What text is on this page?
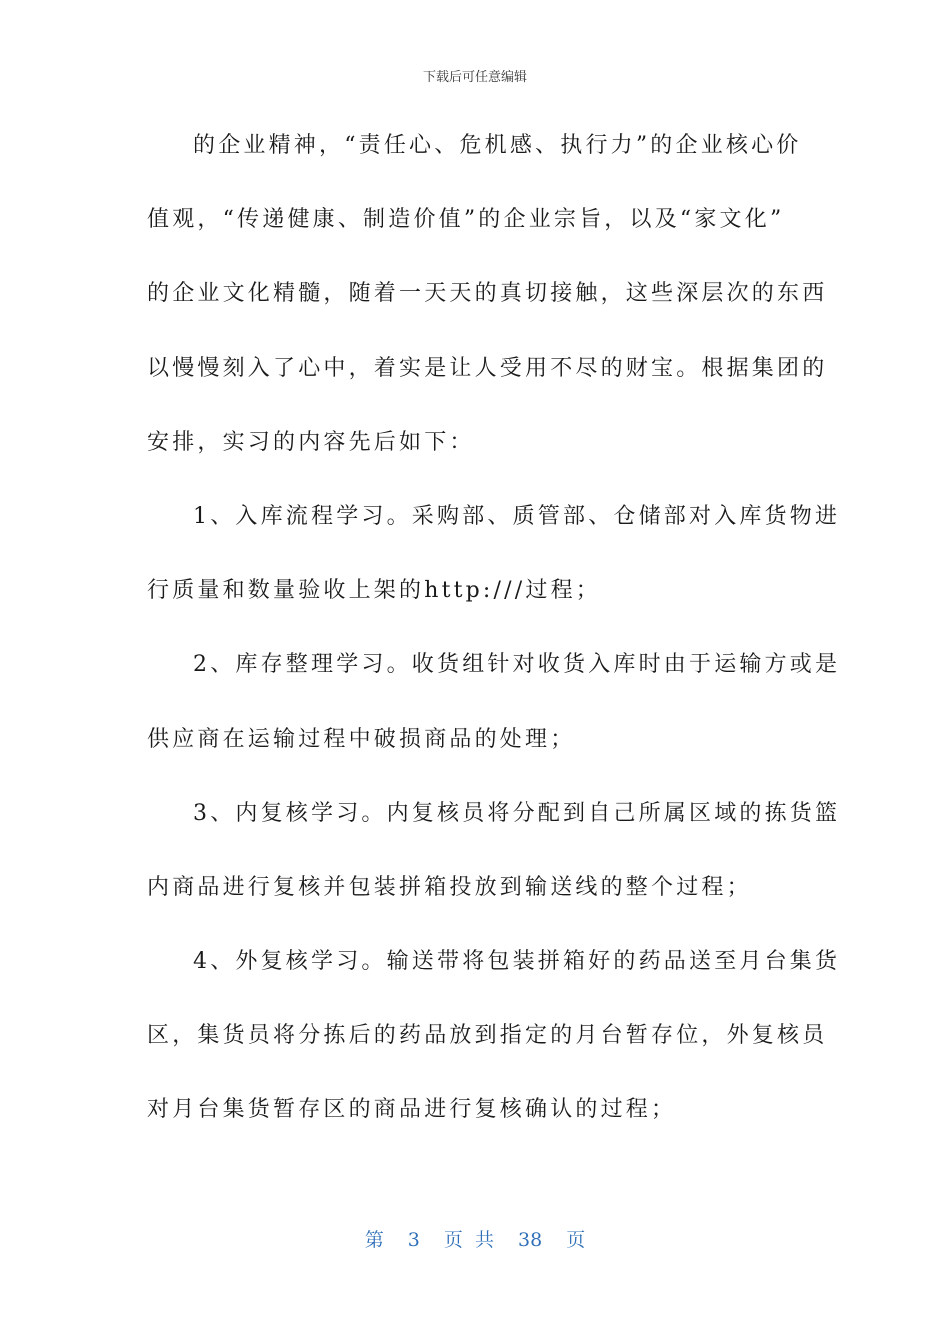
下载后可任意编辑
的企业精神，“责任心、危机感、执行力”的企业核心价
值观，“传递健康、制造价值”的企业宗旨，以及“家文化”
的企业文化精髓，随着一天天的真切接触，这些深层次的东西
以慢慢刻入了心中，着实是让人受用不尽的财宝。根据集团的
安排，实习的内容先后如下：
1、入库流程学习。采购部、质管部、仓储部对入库货物进
行质量和数量验收上架的http:///过程；
2、库存整理学习。收货组针对收货入库时由于运输方或是
供应商在运输过程中破损商品的处理；
3、内复核学习。内复核员将分配到自己所属区域的拣货篮
内商品进行复核并包装拼箱投放到输送线的整个过程；
4、外复核学习。输送带将包装拼箱好的药品送至月台集货
区，集货员将分拣后的药品放到指定的月台暂存位，外复核员
对月台集货暂存区的商品进行复核确认的过程；
第 3 页 共 38 页
